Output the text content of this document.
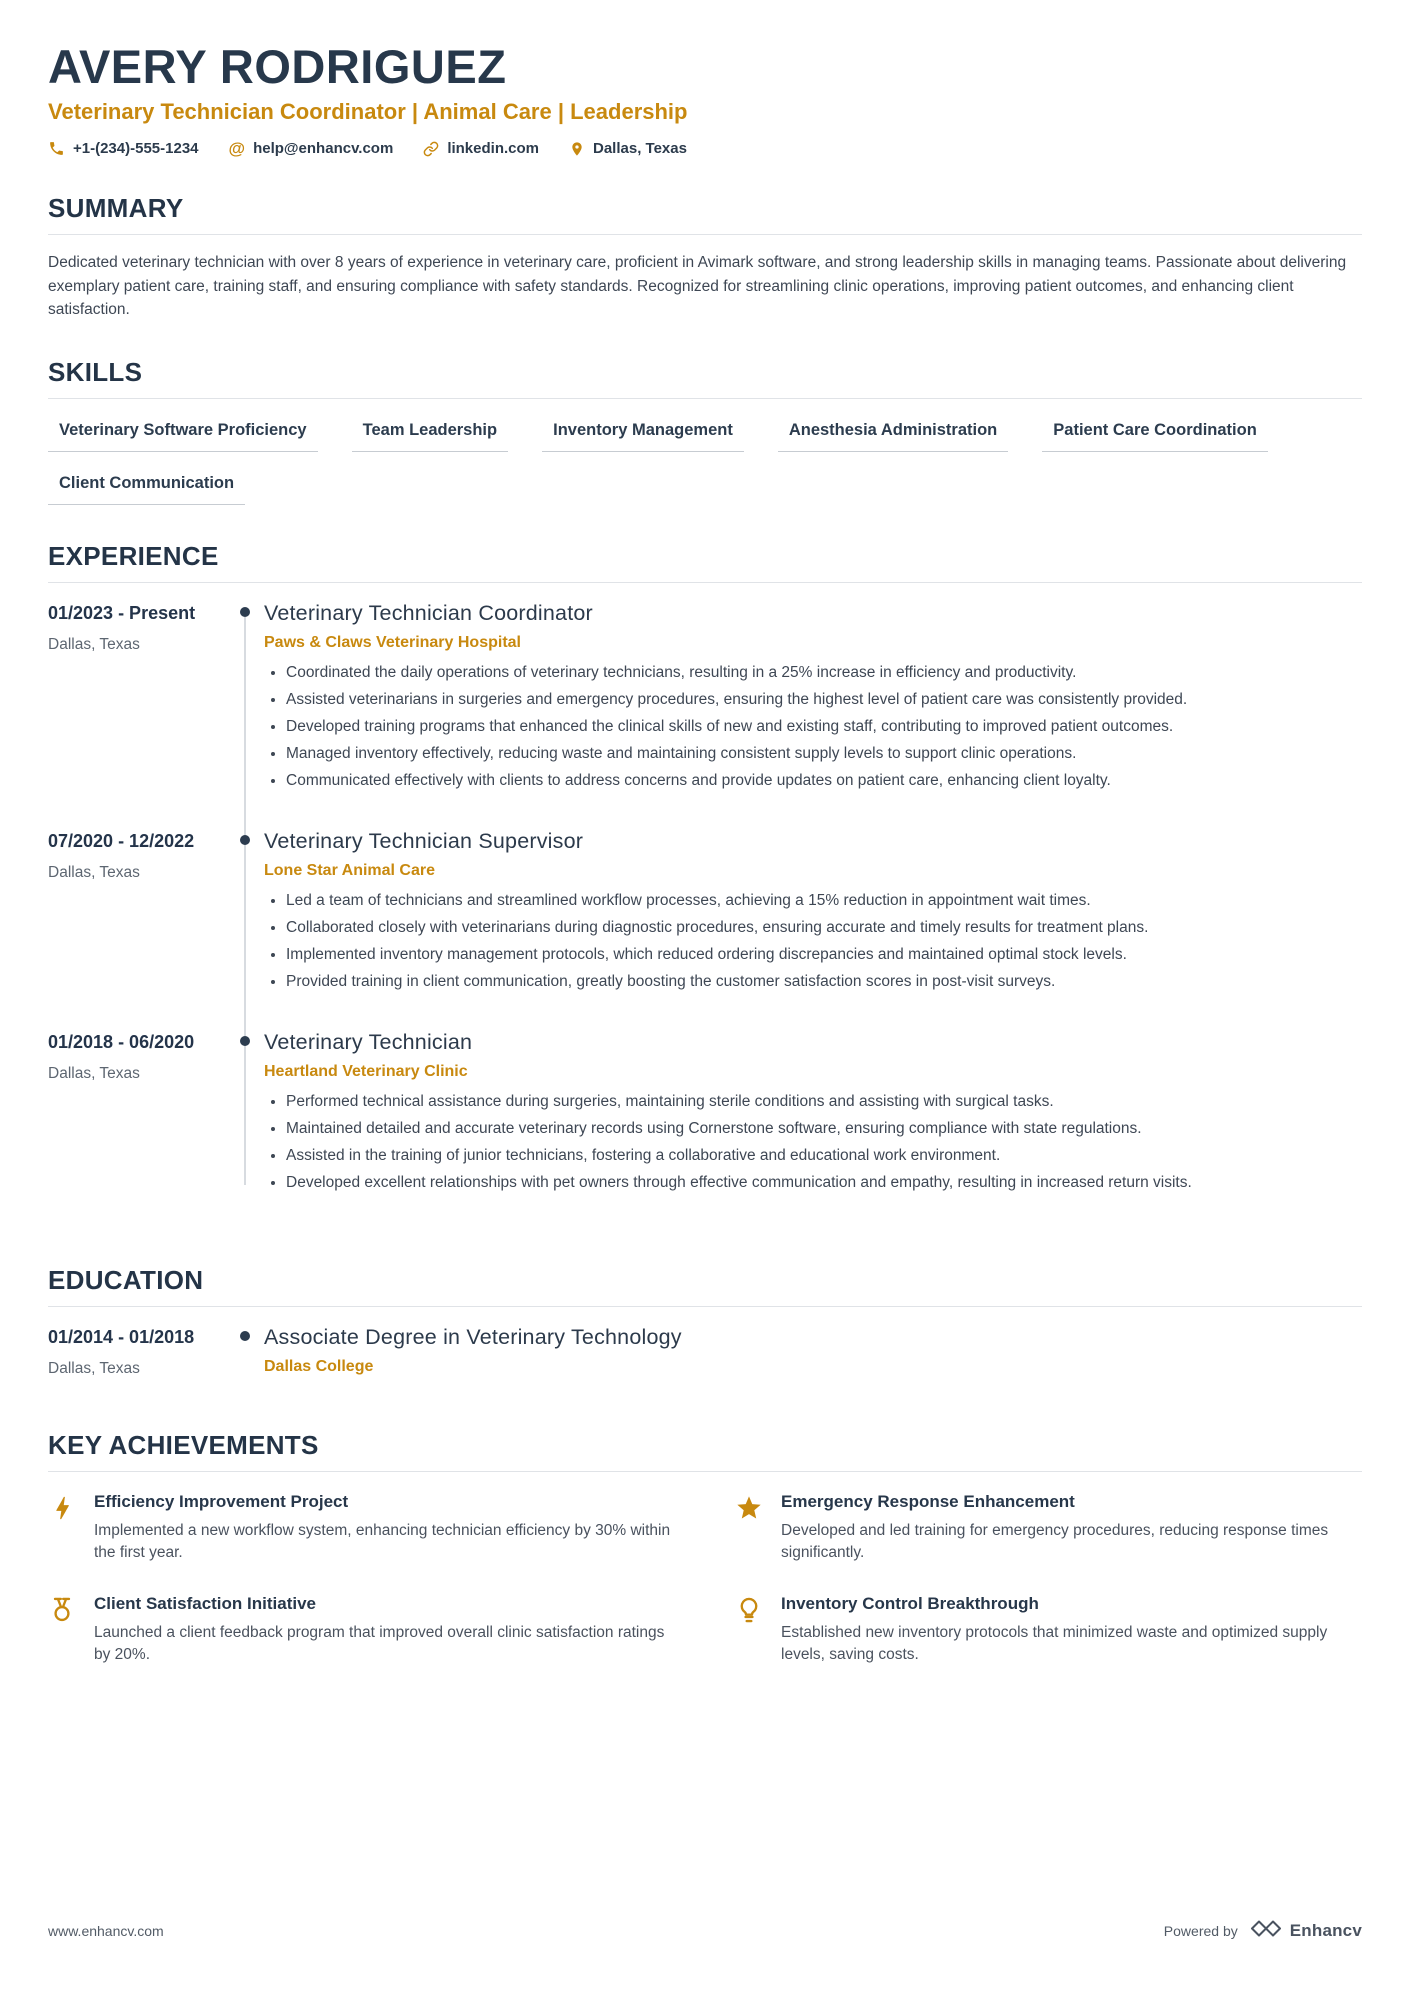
AVERY RODRIGUEZ
Veterinary Technician Coordinator | Animal Care | Leadership
+1-(234)-555-1234 @ help@enhancv.com	linkedin.com	Dallas, Texas
SUMMARY

Dedicated veterinary technician with over 8 years of experience in veterinary care, proficient in Avimark software, and strong leadership skills in managing teams. Passionate about delivering exemplary patient care, training staff, and ensuring compliance with safety standards. Recognized for streamlining clinic operations, improving patient outcomes, and enhancing client satisfaction.

SKILLS
Veterinary Software Proficiency	Team Leadership	Inventory Management	Anesthesia Administration	Patient Care Coordination
Client Communication
EXPERIENCE
01/2023 - Present
Dallas, Texas
Veterinary Technician Coordinator
Paws & Claws Veterinary Hospital
• Coordinated the daily operations of veterinary technicians, resulting in a 25% increase in efficiency and productivity.
• Assisted veterinarians in surgeries and emergency procedures, ensuring the highest level of patient care was consistently provided.
• Developed training programs that enhanced the clinical skills of new and existing staff, contributing to improved patient outcomes.
• Managed inventory effectively, reducing waste and maintaining consistent supply levels to support clinic operations.
• Communicated effectively with clients to address concerns and provide updates on patient care, enhancing client loyalty.
07/2020 - 12/2022
Dallas, Texas
Veterinary Technician Supervisor
Lone Star Animal Care
• Led a team of technicians and streamlined workflow processes, achieving a 15% reduction in appointment wait times.
• Collaborated closely with veterinarians during diagnostic procedures, ensuring accurate and timely results for treatment plans.
• Implemented inventory management protocols, which reduced ordering discrepancies and maintained optimal stock levels.
• Provided training in client communication, greatly boosting the customer satisfaction scores in post-visit surveys.
01/2018 - 06/2020
Dallas, Texas
Veterinary Technician
Heartland Veterinary Clinic
• Performed technical assistance during surgeries, maintaining sterile conditions and assisting with surgical tasks.
• Maintained detailed and accurate veterinary records using Cornerstone software, ensuring compliance with state regulations.
• Assisted in the training of junior technicians, fostering a collaborative and educational work environment.
• Developed excellent relationships with pet owners through effective communication and empathy, resulting in increased return visits.
EDUCATION
01/2014 - 01/2018
Dallas, Texas
Associate Degree in Veterinary Technology
Dallas College
KEY ACHIEVEMENTS
Efficiency Improvement Project
Implemented a new workflow system, enhancing technician efficiency by 30% within the first year.
Emergency Response Enhancement
Developed and led training for emergency procedures, reducing response times significantly.
Client Satisfaction Initiative
Launched a client feedback program that improved overall clinic satisfaction ratings by 20%.
Inventory Control Breakthrough
Established new inventory protocols that minimized waste and optimized supply levels, saving costs.
www.enhancv.com	Powered by	Enhancv
